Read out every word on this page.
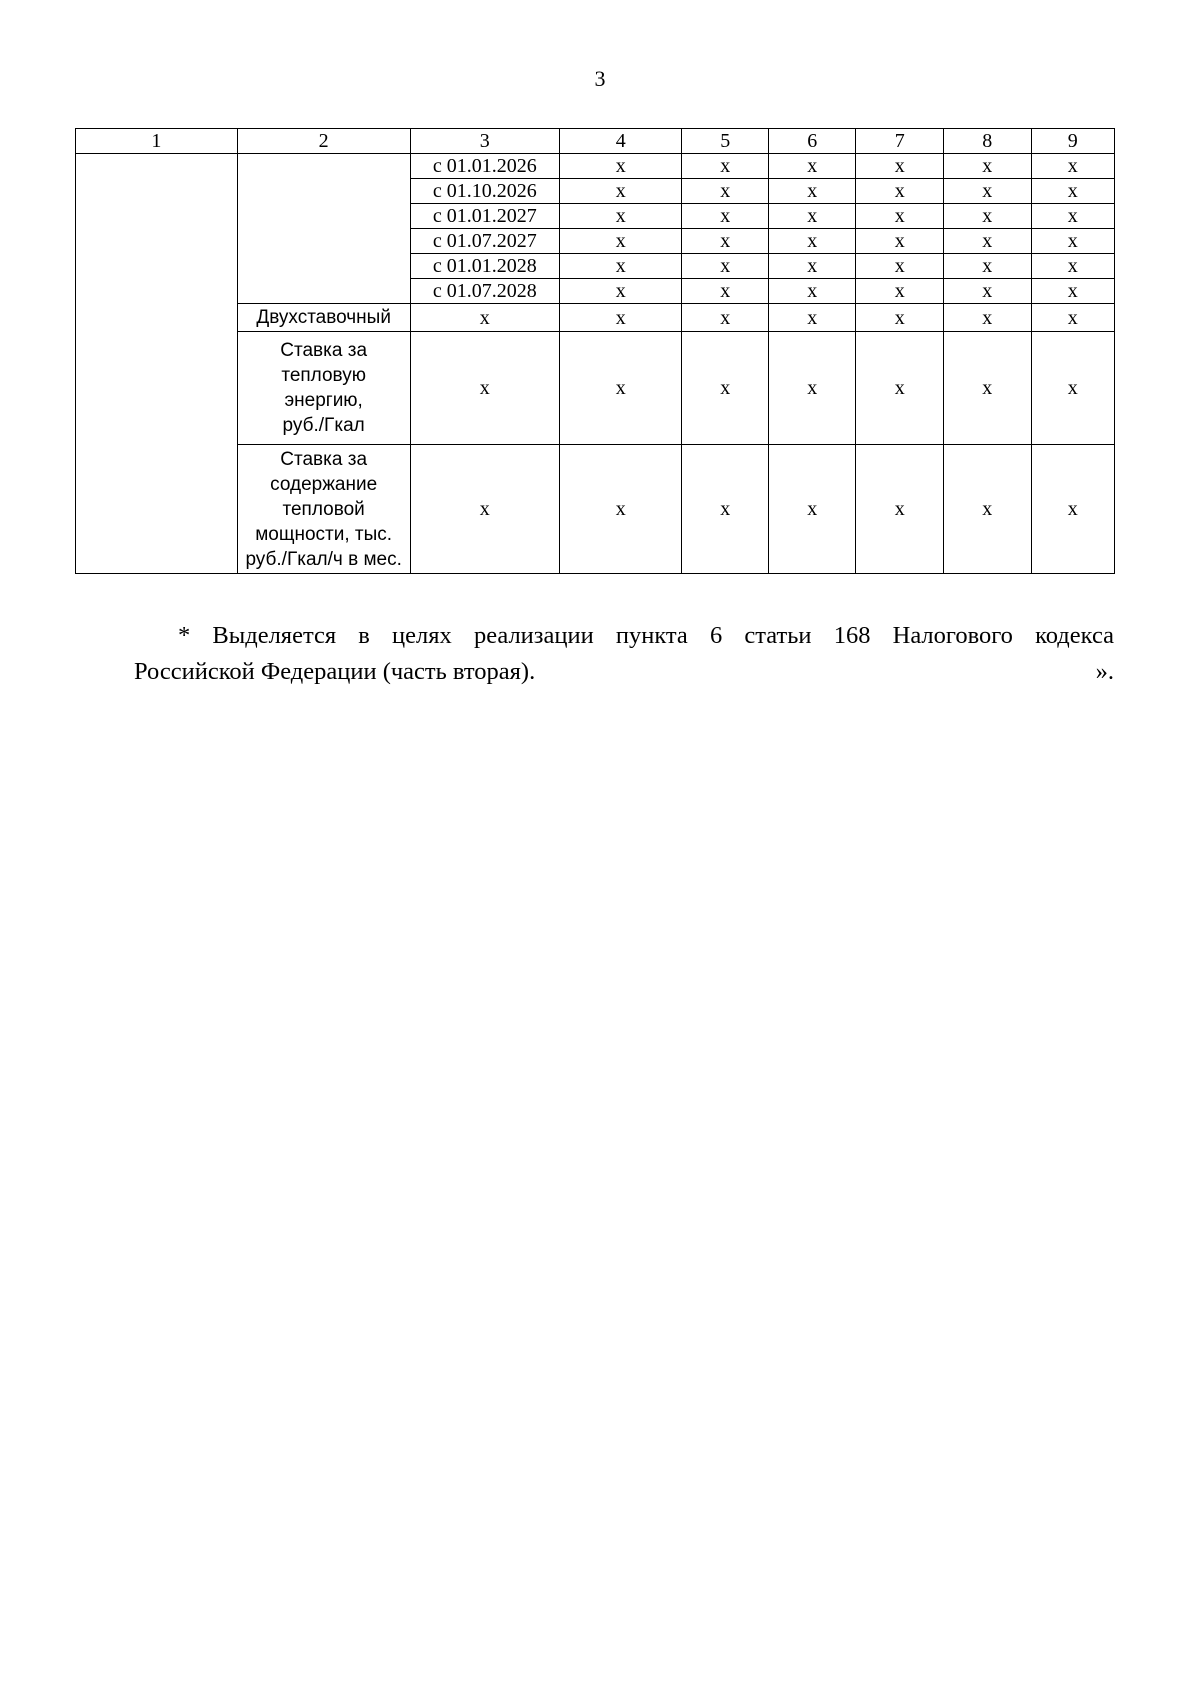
3
1	2	3	4	5	6	7	8	9
		с 01.01.2026	х	х	х	х	х	х
		с 01.10.2026	х	х	х	х	х	х
		с 01.01.2027	х	х	х	х	х	х
		с 01.07.2027	х	х	х	х	х	х
		с 01.01.2028	х	х	х	х	х	х
		с 01.07.2028	х	х	х	х	х	х
	Двухставочный	х	х	х	х	х	х	х

	Ставка за
тепловую
энергию,
руб./Гкал	х	х	х	х	х	х	х

	Ставка за
содержание
тепловой
мощности, тыс.
руб./Гкал/ч в мес.	х	х	х	х	х	х	х
* Выделяется в целях реализации пункта 6 статьи 168 Налогового кодекса
Российской Федерации (часть вторая).	».
